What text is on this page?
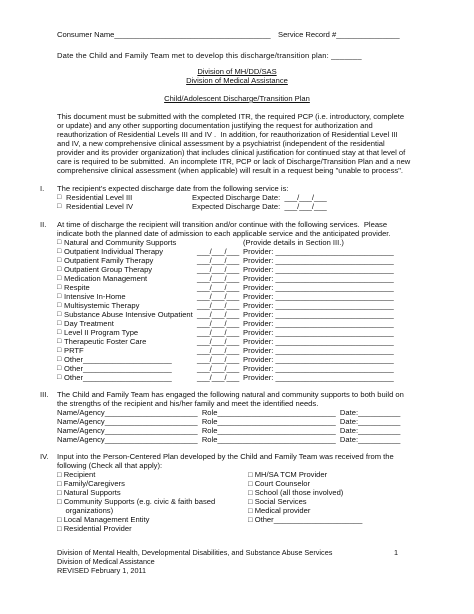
Consumer Name_____________________________________ Service Record #_______________
Date the Child and Family Team met to develop this discharge/transition plan: _______
Division of MH/DD/SAS
Division of Medical Assistance
Child/Adolescent Discharge/Transition Plan
This document must be submitted with the completed ITR, the required PCP (i.e. introductory, complete
or update) and any other supporting documentation justifying the request for authorization and
reauthorization of Residential Levels III and IV .  In addition, for reauthorization of Residential Level III
and IV, a new comprehensive clinical assessment by a psychiatrist (independent of the residential
provider and its provider organization) that includes clinical justification for continued stay at that level of
care is required to be submitted.  An incomplete ITR, PCP or lack of Discharge/Transition Plan and a new
comprehensive clinical assessment (when applicable) will result in a request being "unable to process".
I. The recipient's expected discharge date from the following service is:
□ Residential Level III	Expected Discharge Date:  ___/___/___
□ Residential Level IV	Expected Discharge Date:  ___/___/___
II. At time of discharge the recipient will transition and/or continue with the following services.  Please
indicate both the planned date of admission to each applicable service and the anticipated provider.
□ Natural and Community Supports	(Provide details in Section III.)
□ Outpatient Individual Therapy	___/___/___ Provider: ____________________________
□ Outpatient Family Therapy	___/___/___ Provider: ____________________________
□ Outpatient Group Therapy	___/___/___ Provider: ____________________________
□ Medication Management	___/___/___ Provider: ____________________________
□ Respite	___/___/___ Provider: ____________________________
□ Intensive In-Home	___/___/___ Provider: ____________________________
□ Multisystemic Therapy	___/___/___ Provider: ____________________________
□ Substance Abuse Intensive Outpatient ___/___/___ Provider: ____________________________
□ Day Treatment	___/___/___ Provider: ____________________________
□ Level II Program Type	___/___/___ Provider: ____________________________
□ Therapeutic Foster Care	___/___/___ Provider: ____________________________
□ PRTF	___/___/___ Provider: ____________________________
□ Other_____________________	___/___/___ Provider: ____________________________
□ Other_____________________	___/___/___ Provider: ____________________________
□ Other_____________________	___/___/___ Provider: ____________________________
III. The Child and Family Team has engaged the following natural and community supports to both build on
the strengths of the recipient and his/her family and meet the identified needs.
Name/Agency______________________  Role____________________________  Date:__________
Name/Agency______________________  Role____________________________  Date:__________
Name/Agency______________________  Role____________________________  Date:__________
Name/Agency______________________  Role____________________________  Date:__________
IV. Input into the Person-Centered Plan developed by the Child and Family Team was received from the
following (Check all that apply):
□ Recipient
□ Family/Caregivers
□ Natural Supports
□ Community Supports (e.g. civic & faith based
organizations)
□ Local Management Entity
□ Residential Provider
□ MH/SA TCM Provider
□ Court Counselor
□ School (all those involved)
□ Social Services
□ Medical provider
□ Other_____________________
Division of Mental Health, Developmental Disabilities, and Substance Abuse Services
Division of Medical Assistance
REVISED February 1, 2011
1
